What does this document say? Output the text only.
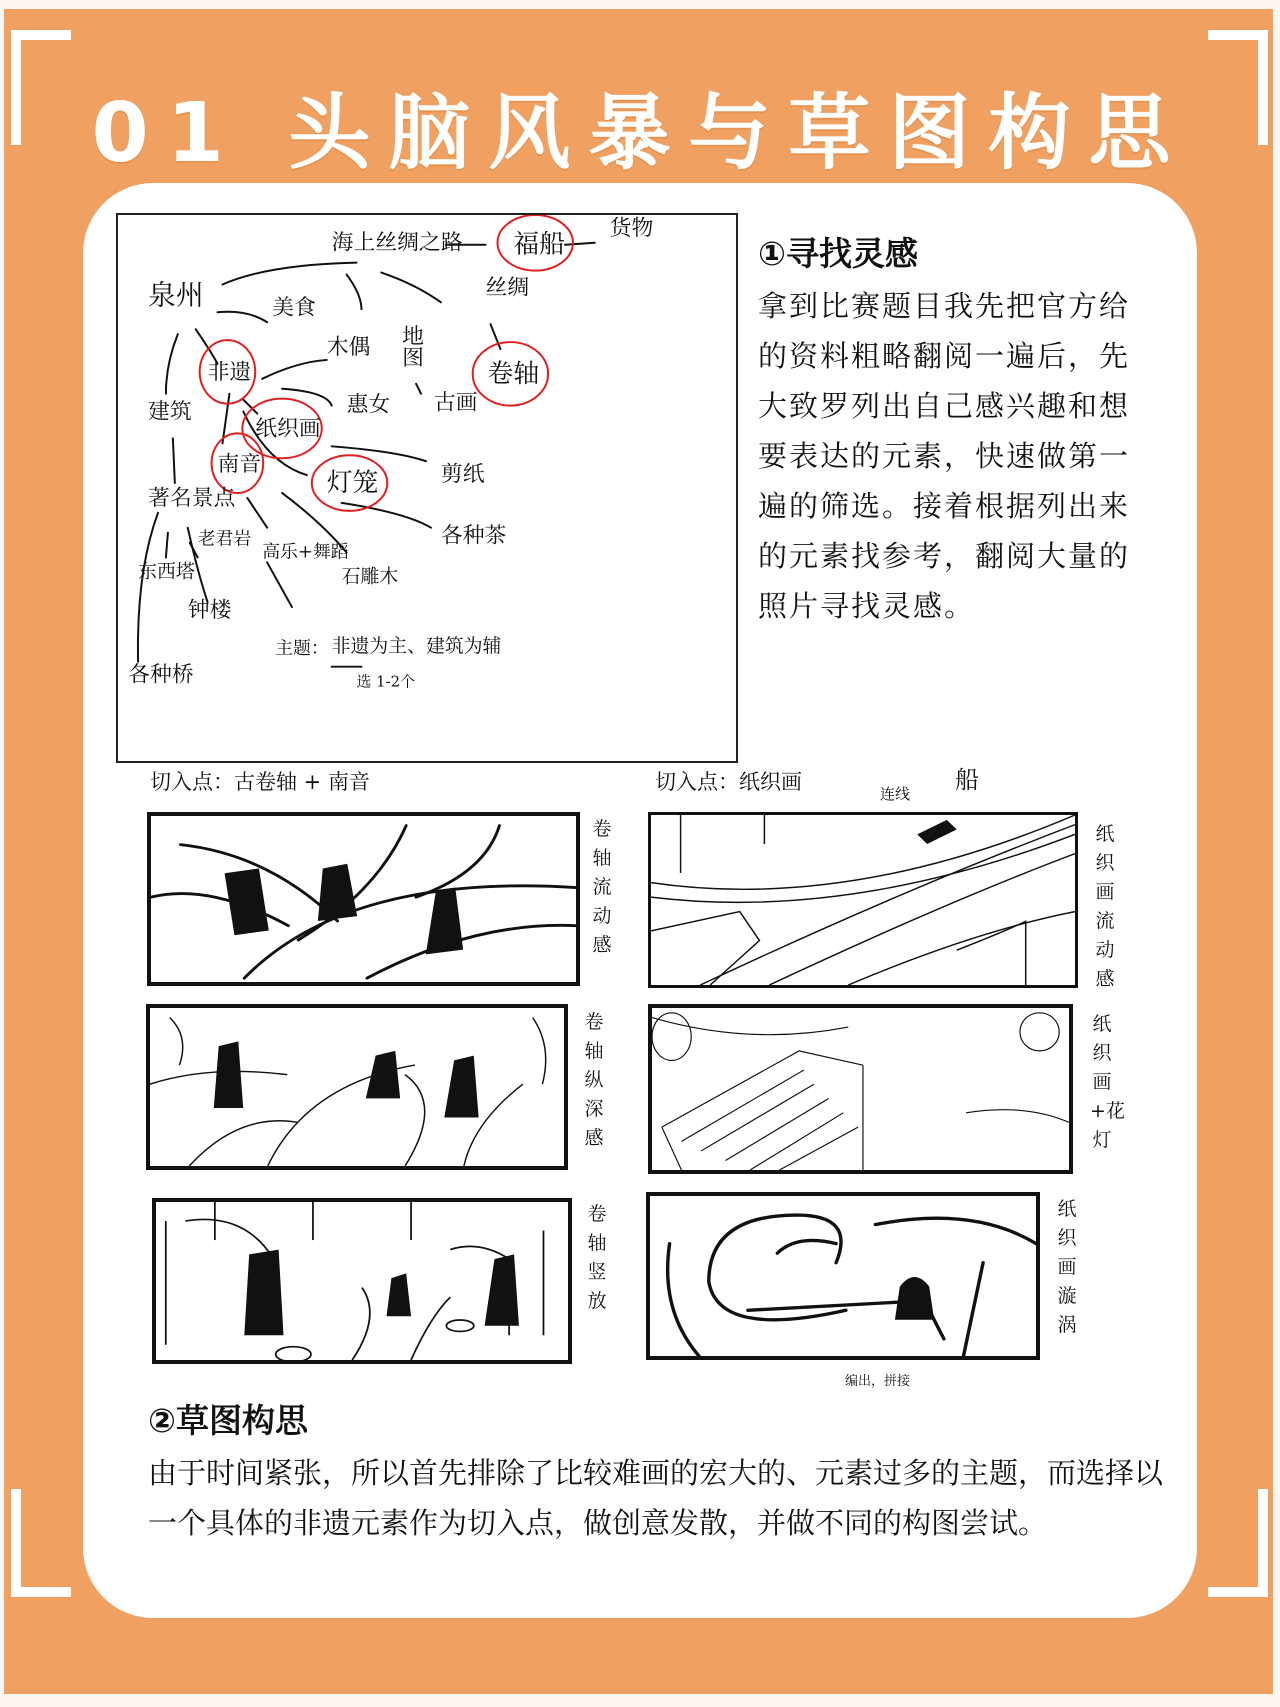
01 头脑风暴与草图构思
海上丝绸之路 福船
货物
泉州	美食
地图
丝绸
非遗
木偶
卷轴
建筑
纸织画
惠女 古画
南音
灯笼	剪纸
著名景点
各种茶
老君岩
高乐+舞蹈
石雕木
东西塔
钟楼
各种桥
主题： 非遗为主、建筑为辅
选 1-2个
①寻找灵感
拿到比赛题目我先把官方给的资料粗略翻阅一遍后，先大致罗列出自己感兴趣和想要表达的元素，快速做第一遍的筛选。接着根据列出来的元素找参考，翻阅大量的照片寻找灵感。
切入点：古卷轴 + 南音	切入点：纸织画	连线 船
卷轴流动感
纸织画流动感
卷轴纵深感
纸织画+花灯
卷轴竖放
纸织画漩涡
编出，拼接
②草图构思
由于时间紧张，所以首先排除了比较难画的宏大的、元素过多的主题，而选择以一个具体的非遗元素作为切入点，做创意发散，并做不同的构图尝试。
